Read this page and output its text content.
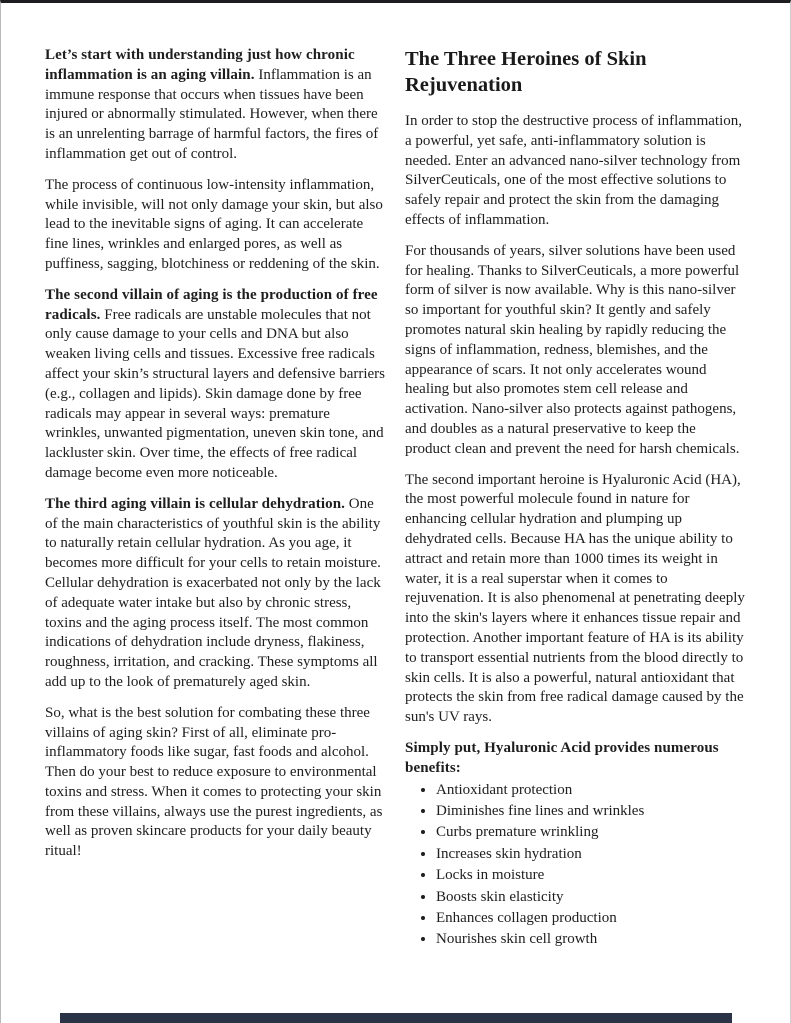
Let’s start with understanding just how chronic inflammation is an aging villain. Inflammation is an immune response that occurs when tissues have been injured or abnormally stimulated. However, when there is an unrelenting barrage of harmful factors, the fires of inflammation get out of control.

The process of continuous low-intensity inflammation, while invisible, will not only damage your skin, but also lead to the inevitable signs of aging. It can accelerate fine lines, wrinkles and enlarged pores, as well as puffiness, sagging, blotchiness or reddening of the skin.

The second villain of aging is the production of free radicals. Free radicals are unstable molecules that not only cause damage to your cells and DNA but also weaken living cells and tissues. Excessive free radicals affect your skin’s structural layers and defensive barriers (e.g., collagen and lipids). Skin damage done by free radicals may appear in several ways: premature wrinkles, unwanted pigmentation, uneven skin tone, and lackluster skin. Over time, the effects of free radical damage become even more noticeable.

The third aging villain is cellular dehydration. One of the main characteristics of youthful skin is the ability to naturally retain cellular hydration. As you age, it becomes more difficult for your cells to retain moisture. Cellular dehydration is exacerbated not only by the lack of adequate water intake but also by chronic stress, toxins and the aging process itself. The most common indications of dehydration include dryness, flakiness, roughness, irritation, and cracking. These symptoms all add up to the look of prematurely aged skin.

So, what is the best solution for combating these three villains of aging skin? First of all, eliminate pro-inflammatory foods like sugar, fast foods and alcohol. Then do your best to reduce exposure to environmental toxins and stress. When it comes to protecting your skin from these villains, always use the purest ingredients, as well as proven skincare products for your daily beauty ritual!

The Three Heroines of Skin Rejuvenation

In order to stop the destructive process of inflammation, a powerful, yet safe, anti-inflammatory solution is needed. Enter an advanced nano-silver technology from SilverCeuticals, one of the most effective solutions to safely repair and protect the skin from the damaging effects of inflammation.

For thousands of years, silver solutions have been used for healing. Thanks to SilverCeuticals, a more powerful form of silver is now available. Why is this nano-silver so important for youthful skin? It gently and safely promotes natural skin healing by rapidly reducing the signs of inflammation, redness, blemishes, and the appearance of scars. It not only accelerates wound healing but also promotes stem cell release and activation. Nano-silver also protects against pathogens, and doubles as a natural preservative to keep the product clean and prevent the need for harsh chemicals.

The second important heroine is Hyaluronic Acid (HA), the most powerful molecule found in nature for enhancing cellular hydration and plumping up dehydrated cells. Because HA has the unique ability to attract and retain more than 1000 times its weight in water, it is a real superstar when it comes to rejuvenation. It is also phenomenal at penetrating deeply into the skin's layers where it enhances tissue repair and protection. Another important feature of HA is its ability to transport essential nutrients from the blood directly to skin cells. It is also a powerful, natural antioxidant that protects the skin from free radical damage caused by the sun's UV rays.

Simply put, Hyaluronic Acid provides numerous benefits:

• Antioxidant protection
• Diminishes fine lines and wrinkles
• Curbs premature wrinkling
• Increases skin hydration
• Locks in moisture
• Boosts skin elasticity
• Enhances collagen production
• Nourishes skin cell growth
